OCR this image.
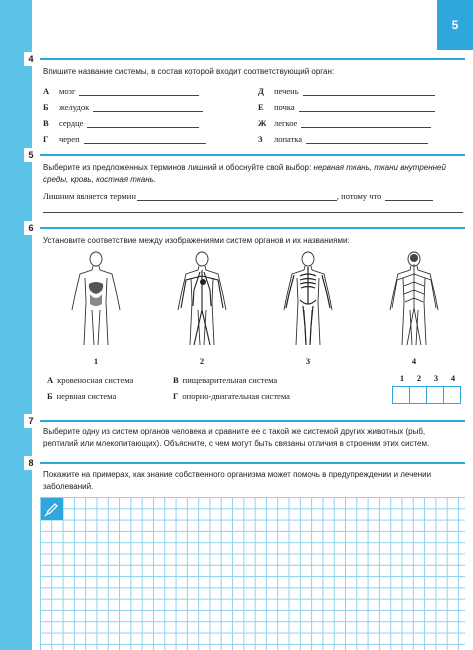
5
4
Впишите название системы, в состав которой входит соответствующий орган:
А	мозг
Б	желудок
В	сердце
Г	череп
Д	печень
Е	почка
Ж легкое
З	лопатка
5
Выберите из предложенных терминов лишний и обоснуйте свой выбор: нервная ткань, ткани внутренней среды, кровь, костная ткань.
Лишним является термин	, потому что
6
Установите соответствие между изображениями систем органов и их названиями:
1	2	3	4
А кровеносная система
Б нервная система
В пищеварительная система
Г опорно-двигательная система
1	2	3	4
7
Выберите одну из систем органов человека и сравните ее с такой же системой других животных (рыб, рептилий или млекопитающих). Объясните, с чем могут быть связаны отличия в строении этих систем.
8
Покажите на примерах, как знание собственного организма может помочь в предупреждении и лечении заболеваний.
